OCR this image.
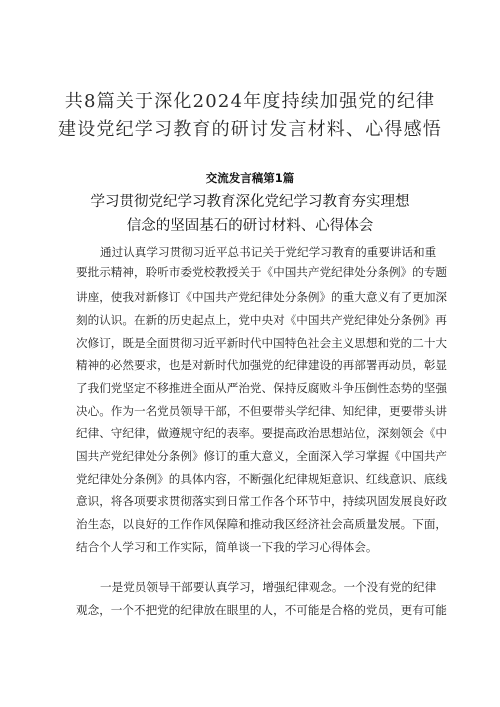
共8篇关于深化2024年度持续加强党的纪律
建设党纪学习教育的研讨发言材料、心得感悟
交流发言稿第1篇
学习贯彻党纪学习教育深化党纪学习教育夯实理想
信念的坚固基石的研讨材料、心得体会
通过认真学习贯彻习近平总书记关于党纪学习教育的重要讲话和重
要批示精神，聆听市委党校教授关于《中国共产党纪律处分条例》的专题
讲座，使我对新修订《中国共产党纪律处分条例》的重大意义有了更加深
刻的认识。在新的历史起点上，党中央对《中国共产党纪律处分条例》再
次修订，既是全面贯彻习近平新时代中国特色社会主义思想和党的二十大
精神的必然要求，也是对新时代加强党的纪律建设的再部署再动员，彰显
了我们党坚定不移推进全面从严治党、保持反腐败斗争压倒性态势的坚强
决心。作为一名党员领导干部，不但要带头学纪律、知纪律，更要带头讲
纪律、守纪律，做遵规守纪的表率。要提高政治思想站位，深刻领会《中
国共产党纪律处分条例》修订的重大意义，全面深入学习掌握《中国共产
党纪律处分条例》的具体内容，不断强化纪律规矩意识、红线意识、底线
意识，将各项要求贯彻落实到日常工作各个环节中，持续巩固发展良好政
治生态，以良好的工作作风保障和推动我区经济社会高质量发展。下面，
结合个人学习和工作实际，简单谈一下我的学习心得体会。
一是党员领导干部要认真学习，增强纪律观念。一个没有党的纪律
观念，一个不把党的纪律放在眼里的人，不可能是合格的党员，更有可能
